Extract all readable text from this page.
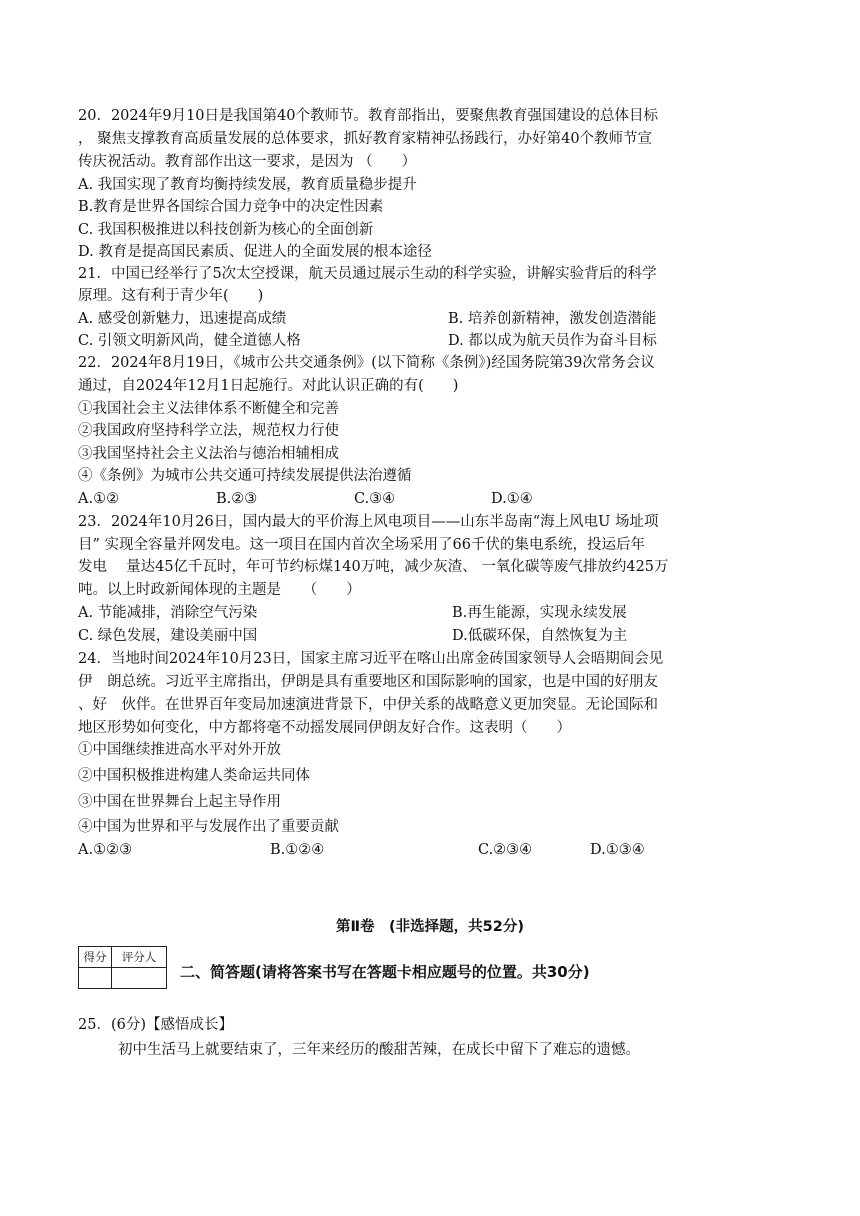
20．2024年9月10日是我国第40个教师节。教育部指出，要聚焦教育强国建设的总体目标
， 聚焦支撑教育高质量发展的总体要求，抓好教育家精神弘扬践行，办好第40个教师节宣
传庆祝活动。教育部作出这一要求，是因为 （　　）
A. 我国实现了教育均衡持续发展，教育质量稳步提升
B.教育是世界各国综合国力竞争中的决定性因素
C. 我国积极推进以科技创新为核心的全面创新
D. 教育是提高国民素质、促进人的全面发展的根本途径
21．中国已经举行了5次太空授课，航天员通过展示生动的科学实验，讲解实验背后的科学
原理。这有利于青少年(　　)
A. 感受创新魅力，迅速提高成绩	B. 培养创新精神，激发创造潜能
C. 引领文明新风尚，健全道德人格	D. 都以成为航天员作为奋斗目标
22．2024年8月19日，《城市公共交通条例》(以下简称《条例》)经国务院第39次常务会议
通过，自2024年12月1日起施行。对此认识正确的有(　　)
①我国社会主义法律体系不断健全和完善
②我国政府坚持科学立法，规范权力行使
③我国坚持社会主义法治与德治相辅相成
④《条例》为城市公共交通可持续发展提供法治遵循
A.①②	B.②③	C.③④	D.①④
23．2024年10月26日，国内最大的平价海上风电项目——山东半岛南“海上风电U 场址项
目” 实现全容量并网发电。这一项目在国内首次全场采用了66千伏的集电系统，投运后年
发电　 量达45亿千瓦时，年可节约标煤140万吨，减少灰渣、 一氧化碳等废气排放约425万
吨。以上时政新闻体现的主题是　　（　　）
A. 节能减排，消除空气污染	B.再生能源，实现永续发展
C. 绿色发展，建设美丽中国	D.低碳环保，自然恢复为主
24．当地时间2024年10月23日，国家主席习近平在喀山出席金砖国家领导人会晤期间会见
伊　朗总统。习近平主席指出，伊朗是具有重要地区和国际影响的国家，也是中国的好朋友
、好　伙伴。在世界百年变局加速演进背景下，中伊关系的战略意义更加突显。无论国际和
地区形势如何变化，中方都将毫不动摇发展同伊朗友好合作。这表明（　　）
①中国继续推进高水平对外开放
②中国积极推进构建人类命运共同体
③中国在世界舞台上起主导作用
④中国为世界和平与发展作出了重要贡献
A.①②③	B.①②④	C.②③④	D.①③④
第Ⅱ卷　(非选择题，共52分)
得分	评分人

二、简答题(请将答案书写在答题卡相应题号的位置。共30分)
25．(6分)【感悟成长】
初中生活马上就要结束了，三年来经历的酸甜苦辣，在成长中留下了难忘的遗憾。
